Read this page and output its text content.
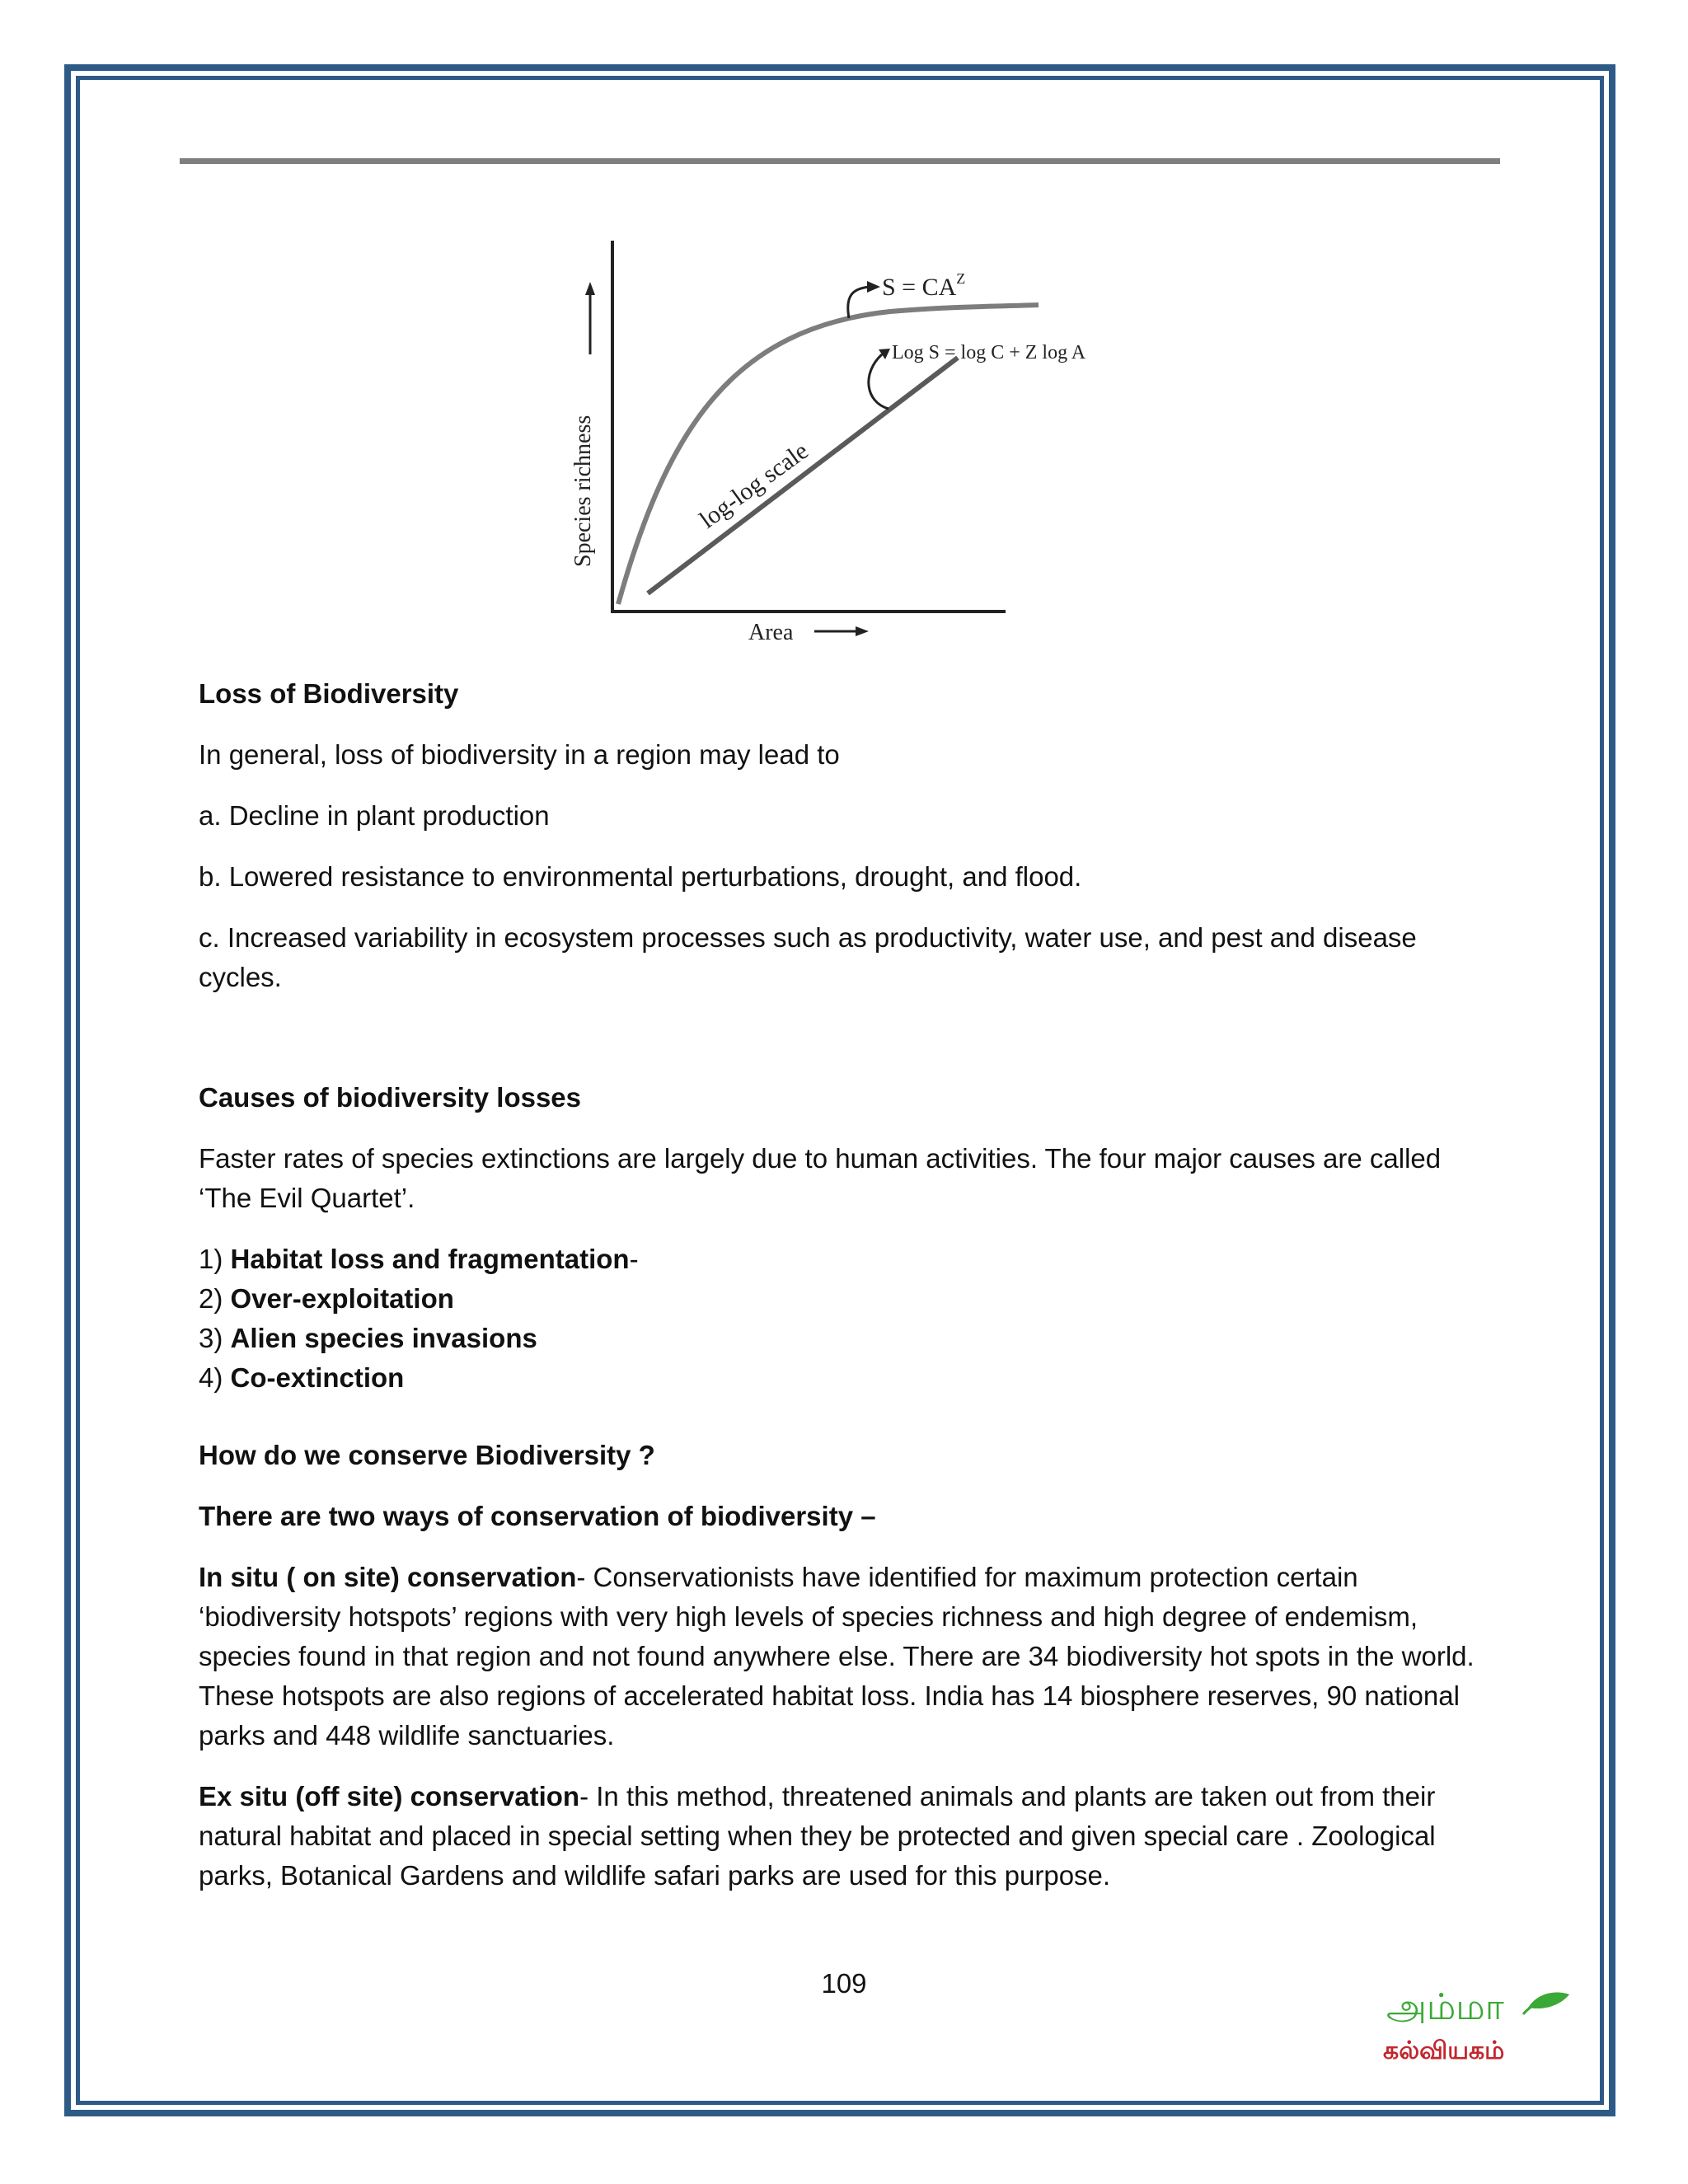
Species richness
Area
log-log scale
$S = CA^Z$
Log S = log C + Z log A

Loss of Biodiversity

In general, loss of biodiversity in a region may lead to

a. Decline in plant production

b. Lowered resistance to environmental perturbations, drought, and flood.

c. Increased variability in ecosystem processes such as productivity, water use, and pest and disease cycles.

Causes of biodiversity losses

Faster rates of species extinctions are largely due to human activities. The four major causes are called ‘The Evil Quartet’.

1) Habitat loss and fragmentation-

2) Over-exploitation

3) Alien species invasions

4) Co-extinction

How do we conserve Biodiversity ?

There are two ways of conservation of biodiversity –

In situ ( on site) conservation- Conservationists have identified for maximum protection certain ‘biodiversity hotspots’ regions with very high levels of species richness and high degree of endemism, species found in that region and not found anywhere else. There are 34 biodiversity hot spots in the world. These hotspots are also regions of accelerated habitat loss. India has 14 biosphere reserves, 90 national parks and 448 wildlife sanctuaries.

Ex situ (off site) conservation- In this method, threatened animals and plants are taken out from their natural habitat and placed in special setting when they be protected and given special care . Zoological parks, Botanical Gardens and wildlife safari parks are used for this purpose.

109
அம்மா
கல்வியகம்
